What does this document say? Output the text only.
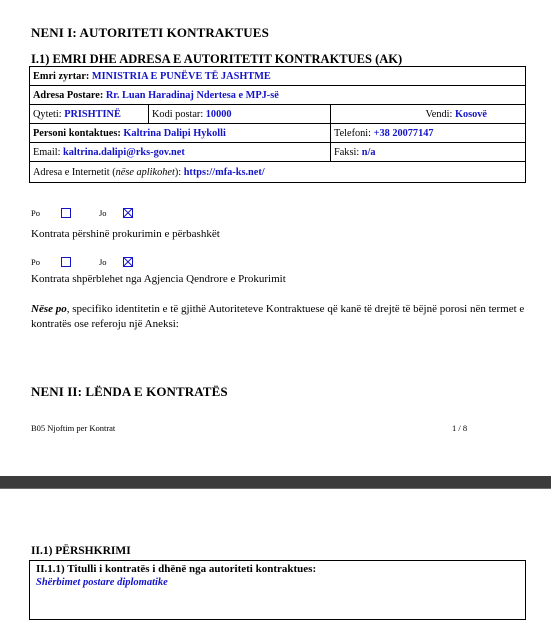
NENI I: AUTORITETI KONTRAKTUES
I.1) EMRI DHE ADRESA E AUTORITETIT KONTRAKTUES (AK)
Emri zyrtar: MINISTRIA E PUNËVE TË JASHTME		
Adresa Postare: Rr. Luan Haradinaj Ndertesa e MPJ-së		
Qyteti: PRISHTINË	Kodi postar: 10000	Vendi: Kosovë
Personi kontaktues: Kaltrina Dalipi Hykolli		Telefoni: +38 20077147
Email: kaltrina.dalipi@rks-gov.net		Faksi: n/a
Adresa e Internetit (nëse aplikohet): https://mfa-ks.net/		
Po	Jo
Kontrata përshinë prokurimin e përbashkët
Po	Jo
Kontrata shpërblehet nga Agjencia Qendrore e Prokurimit
Nëse po, specifiko identitetin e të gjithë Autoriteteve Kontraktuese që kanë të drejtë të bëjnë porosi nën termet e kontratës ose referoju një Aneksi:
NENI II: LËNDA E KONTRATËS
B05 Njoftim per Kontrat	1 / 8
II.1) PËRSHKRIMI
II.1.1) Titulli i kontratës i dhënë nga autoriteti kontraktues:
Shërbimet postare diplomatike
